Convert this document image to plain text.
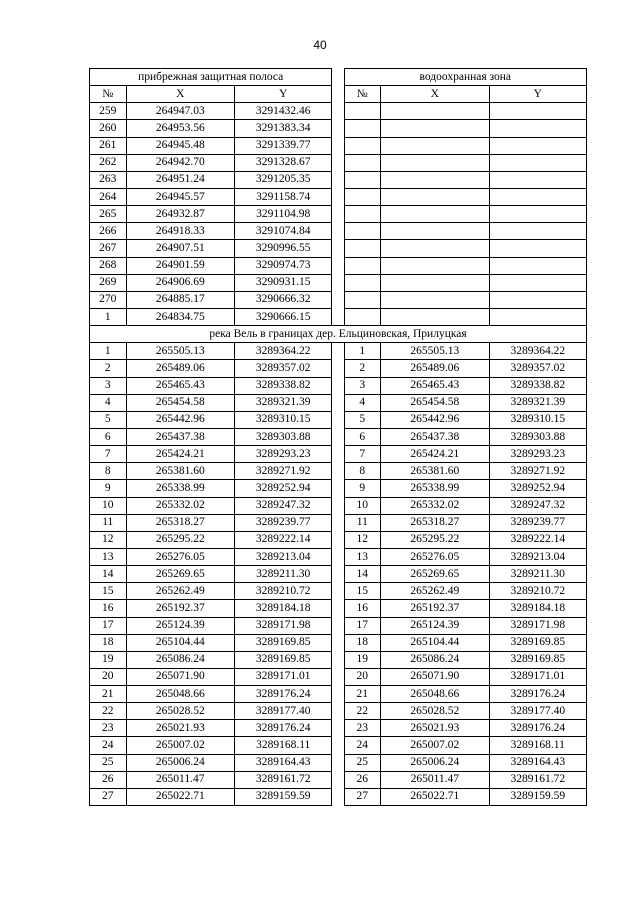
40
прибрежная защитная полоса				водоохранная зона		
№	X	Y		№	X	Y
259	264947.03	3291432.46				
260	264953.56	3291383.34				
261	264945.48	3291339.77				
262	264942.70	3291328.67				
263	264951.24	3291205.35				
264	264945.57	3291158.74				
265	264932.87	3291104.98				
266	264918.33	3291074.84				
267	264907.51	3290996.55				
268	264901.59	3290974.73				
269	264906.69	3290931.15				
270	264885.17	3290666.32				
1	264834.75	3290666.15				
река Вель в границах дер. Ельциновская, Прилуцкая						
1	265505.13	3289364.22		1	265505.13	3289364.22
2	265489.06	3289357.02		2	265489.06	3289357.02
3	265465.43	3289338.82		3	265465.43	3289338.82
4	265454.58	3289321.39		4	265454.58	3289321.39
5	265442.96	3289310.15		5	265442.96	3289310.15
6	265437.38	3289303.88		6	265437.38	3289303.88
7	265424.21	3289293.23		7	265424.21	3289293.23
8	265381.60	3289271.92		8	265381.60	3289271.92
9	265338.99	3289252.94		9	265338.99	3289252.94
10	265332.02	3289247.32		10	265332.02	3289247.32
11	265318.27	3289239.77		11	265318.27	3289239.77
12	265295.22	3289222.14		12	265295.22	3289222.14
13	265276.05	3289213.04		13	265276.05	3289213.04
14	265269.65	3289211.30		14	265269.65	3289211.30
15	265262.49	3289210.72		15	265262.49	3289210.72
16	265192.37	3289184.18		16	265192.37	3289184.18
17	265124.39	3289171.98		17	265124.39	3289171.98
18	265104.44	3289169.85		18	265104.44	3289169.85
19	265086.24	3289169.85		19	265086.24	3289169.85
20	265071.90	3289171.01		20	265071.90	3289171.01
21	265048.66	3289176.24		21	265048.66	3289176.24
22	265028.52	3289177.40		22	265028.52	3289177.40
23	265021.93	3289176.24		23	265021.93	3289176.24
24	265007.02	3289168.11		24	265007.02	3289168.11
25	265006.24	3289164.43		25	265006.24	3289164.43
26	265011.47	3289161.72		26	265011.47	3289161.72
27	265022.71	3289159.59		27	265022.71	3289159.59
